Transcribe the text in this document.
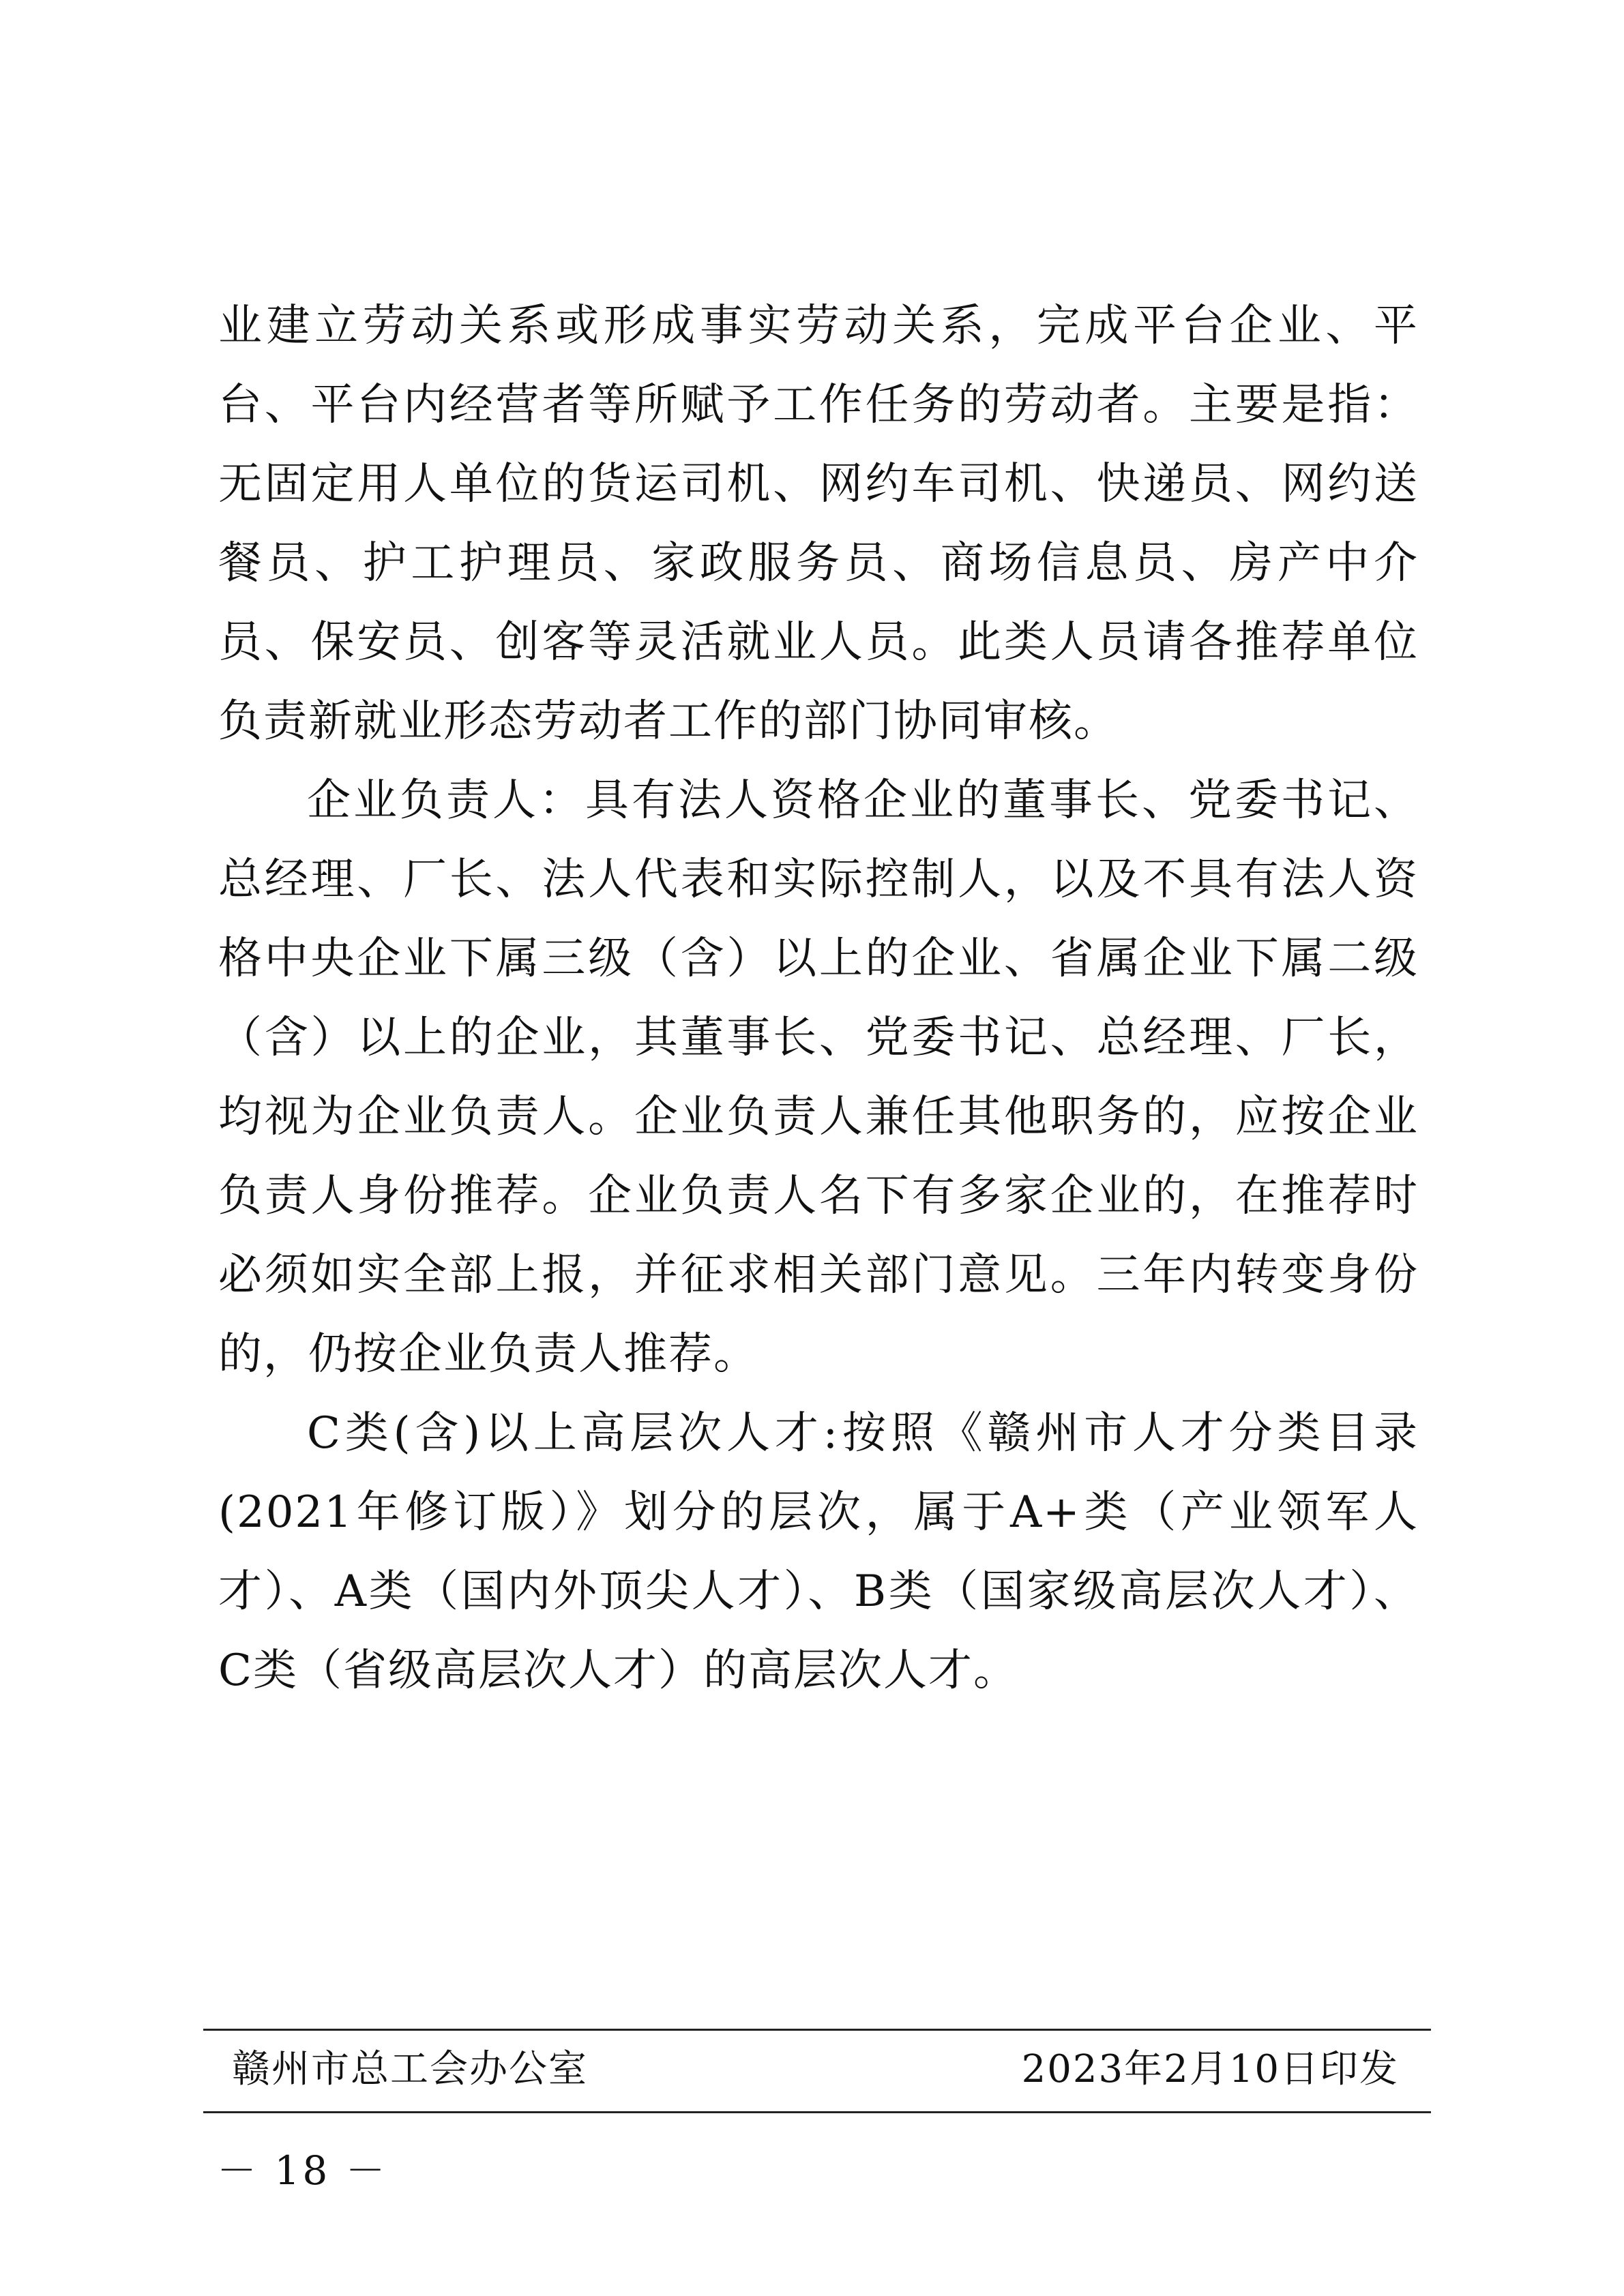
业建立劳动关系或形成事实劳动关系，完成平台企业、平台、平台内经营者等所赋予工作任务的劳动者。主要是指：无固定用人单位的货运司机、网约车司机、快递员、网约送餐员、护工护理员、家政服务员、商场信息员、房产中介员、保安员、创客等灵活就业人员。此类人员请各推荐单位负责新就业形态劳动者工作的部门协同审核。

企业负责人：具有法人资格企业的董事长、党委书记、总经理、厂长、法人代表和实际控制人，以及不具有法人资格中央企业下属三级（含）以上的企业、省属企业下属二级（含）以上的企业，其董事长、党委书记、总经理、厂长，均视为企业负责人。企业负责人兼任其他职务的，应按企业负责人身份推荐。企业负责人名下有多家企业的，在推荐时必须如实全部上报，并征求相关部门意见。三年内转变身份的，仍按企业负责人推荐。

C类(含)以上高层次人才:按照《赣州市人才分类目录(2021年修订版）》划分的层次，属于A+类（产业领军人才）、A类（国内外顶尖人才）、B类（国家级高层次人才）、C类（省级高层次人才）的高层次人才。

赣州市总工会办公室	2023年2月10日印发
－ 18 －
